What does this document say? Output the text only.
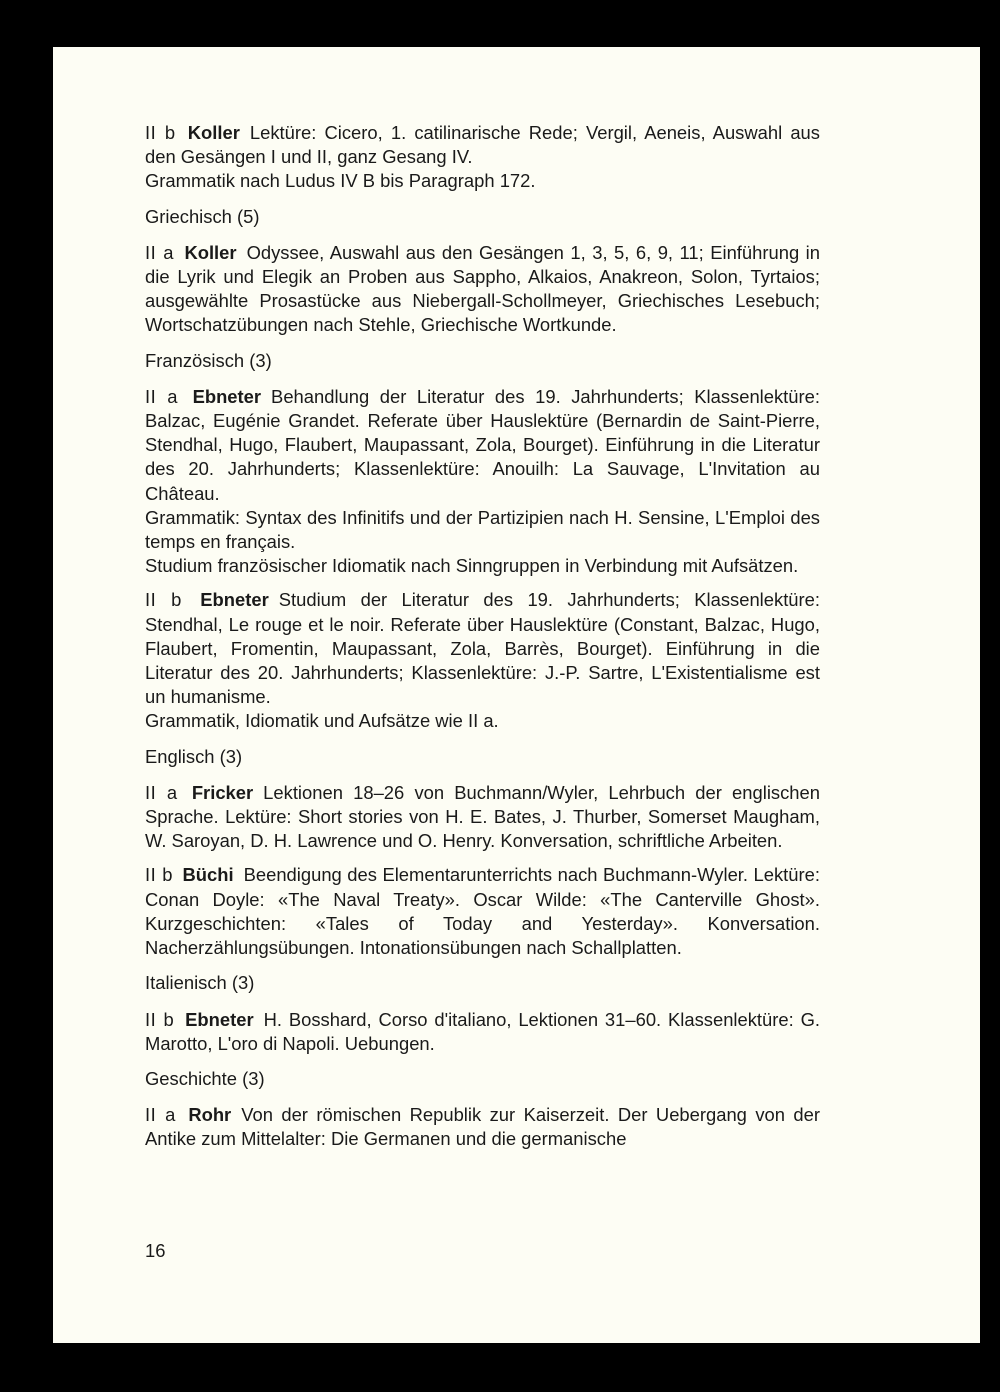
II b Koller Lektüre: Cicero, 1. catilinarische Rede; Vergil, Aeneis, Auswahl aus den Gesängen I und II, ganz Gesang IV.

Grammatik nach Ludus IV B bis Paragraph 172.

Griechisch (5)

II a Koller Odyssee, Auswahl aus den Gesängen 1, 3, 5, 6, 9, 11; Einführung in die Lyrik und Elegik an Proben aus Sappho, Alkaios, Anakreon, Solon, Tyrtaios; ausgewählte Prosastücke aus Niebergall-Schollmeyer, Griechisches Lesebuch; Wortschatzübungen nach Stehle, Griechische Wortkunde.

Französisch (3)

II a Ebneter Behandlung der Literatur des 19. Jahrhunderts; Klassenlektüre: Balzac, Eugénie Grandet. Referate über Hauslektüre (Bernardin de Saint-Pierre, Stendhal, Hugo, Flaubert, Maupassant, Zola, Bourget). Einführung in die Literatur des 20. Jahrhunderts; Klassenlektüre: Anouilh: La Sauvage, L'Invitation au Château.

Grammatik: Syntax des Infinitifs und der Partizipien nach H. Sensine, L'Emploi des temps en français.

Studium französischer Idiomatik nach Sinngruppen in Verbindung mit Aufsätzen.

II b Ebneter Studium der Literatur des 19. Jahrhunderts; Klassenlektüre: Stendhal, Le rouge et le noir. Referate über Hauslektüre (Constant, Balzac, Hugo, Flaubert, Fromentin, Maupassant, Zola, Barrès, Bourget). Einführung in die Literatur des 20. Jahrhunderts; Klassenlektüre: J.-P. Sartre, L'Existentialisme est un humanisme.

Grammatik, Idiomatik und Aufsätze wie II a.

Englisch (3)

II a Fricker Lektionen 18–26 von Buchmann/Wyler, Lehrbuch der englischen Sprache. Lektüre: Short stories von H. E. Bates, J. Thurber, Somerset Maugham, W. Saroyan, D. H. Lawrence und O. Henry. Konversation, schriftliche Arbeiten.

II b Büchi Beendigung des Elementarunterrichts nach Buchmann-Wyler. Lektüre: Conan Doyle: «The Naval Treaty». Oscar Wilde: «The Canterville Ghost». Kurzgeschichten: «Tales of Today and Yesterday». Konversation. Nacherzählungsübungen. Intonationsübungen nach Schallplatten.

Italienisch (3)

II b Ebneter H. Bosshard, Corso d'italiano, Lektionen 31–60. Klassenlektüre: G. Marotto, L'oro di Napoli. Uebungen.

Geschichte (3)

II a Rohr Von der römischen Republik zur Kaiserzeit. Der Uebergang von der Antike zum Mittelalter: Die Germanen und die germanische

16
